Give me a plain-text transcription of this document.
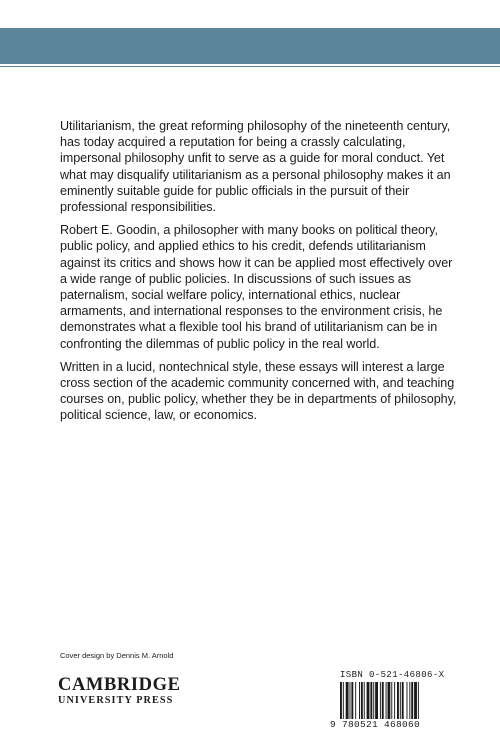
Utilitarianism, the great reforming philosophy of the nineteenth century, has today acquired a reputation for being a crassly calculating, impersonal philosophy unfit to serve as a guide for moral conduct. Yet what may disqualify utilitarianism as a personal philosophy makes it an eminently suitable guide for public officials in the pursuit of their professional responsibilities.

Robert E. Goodin, a philosopher with many books on political theory, public policy, and applied ethics to his credit, defends utilitarianism against its critics and shows how it can be applied most effectively over a wide range of public policies. In discussions of such issues as paternalism, social welfare policy, international ethics, nuclear armaments, and international responses to the environment crisis, he demonstrates what a flexible tool his brand of utilitarianism can be in confronting the dilemmas of public policy in the real world.

Written in a lucid, nontechnical style, these essays will interest a large cross section of the academic community concerned with, and teaching courses on, public policy, whether they be in departments of philosophy, political science, law, or economics.

Cover design by Dennis M. Arnold
ISBN 0-521-46806-X
CAMBRIDGE
UNIVERSITY PRESS
9 780521 468060
